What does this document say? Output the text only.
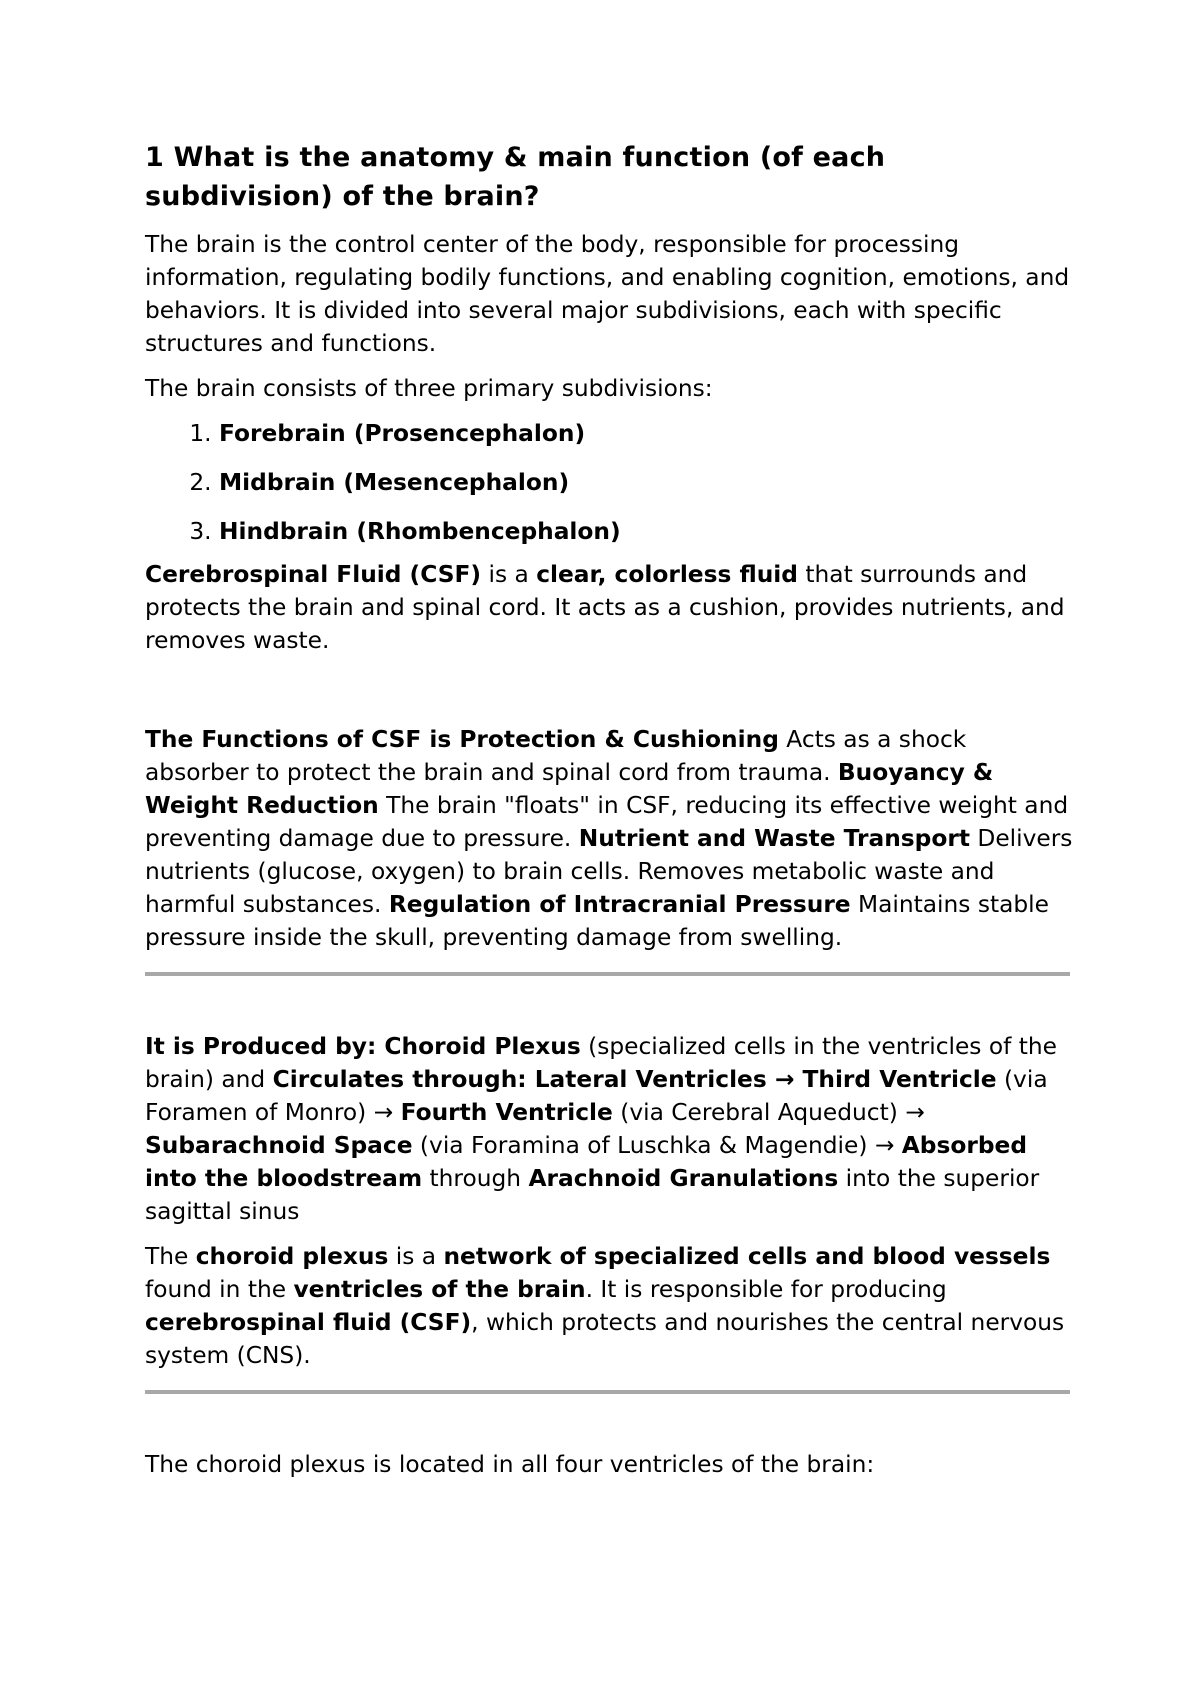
1 What is the anatomy & main function (of each subdivision) of the brain?

The brain is the control center of the body, responsible for processing information, regulating bodily functions, and enabling cognition, emotions, and behaviors. It is divided into several major subdivisions, each with specific structures and functions.

The brain consists of three primary subdivisions:

1. Forebrain (Prosencephalon)
2. Midbrain (Mesencephalon)
3. Hindbrain (Rhombencephalon)

Cerebrospinal Fluid (CSF) is a clear, colorless fluid that surrounds and protects the brain and spinal cord. It acts as a cushion, provides nutrients, and removes waste.

The Functions of CSF is Protection & Cushioning Acts as a shock absorber to protect the brain and spinal cord from trauma. Buoyancy & Weight Reduction The brain "floats" in CSF, reducing its effective weight and preventing damage due to pressure. Nutrient and Waste Transport Delivers nutrients (glucose, oxygen) to brain cells. Removes metabolic waste and harmful substances. Regulation of Intracranial Pressure Maintains stable pressure inside the skull, preventing damage from swelling.

It is Produced by: Choroid Plexus (specialized cells in the ventricles of the brain) and Circulates through: Lateral Ventricles → Third Ventricle (via Foramen of Monro) → Fourth Ventricle (via Cerebral Aqueduct) → Subarachnoid Space (via Foramina of Luschka & Magendie) → Absorbed into the bloodstream through Arachnoid Granulations into the superior sagittal sinus

The choroid plexus is a network of specialized cells and blood vessels found in the ventricles of the brain. It is responsible for producing cerebrospinal fluid (CSF), which protects and nourishes the central nervous system (CNS).

The choroid plexus is located in all four ventricles of the brain:
